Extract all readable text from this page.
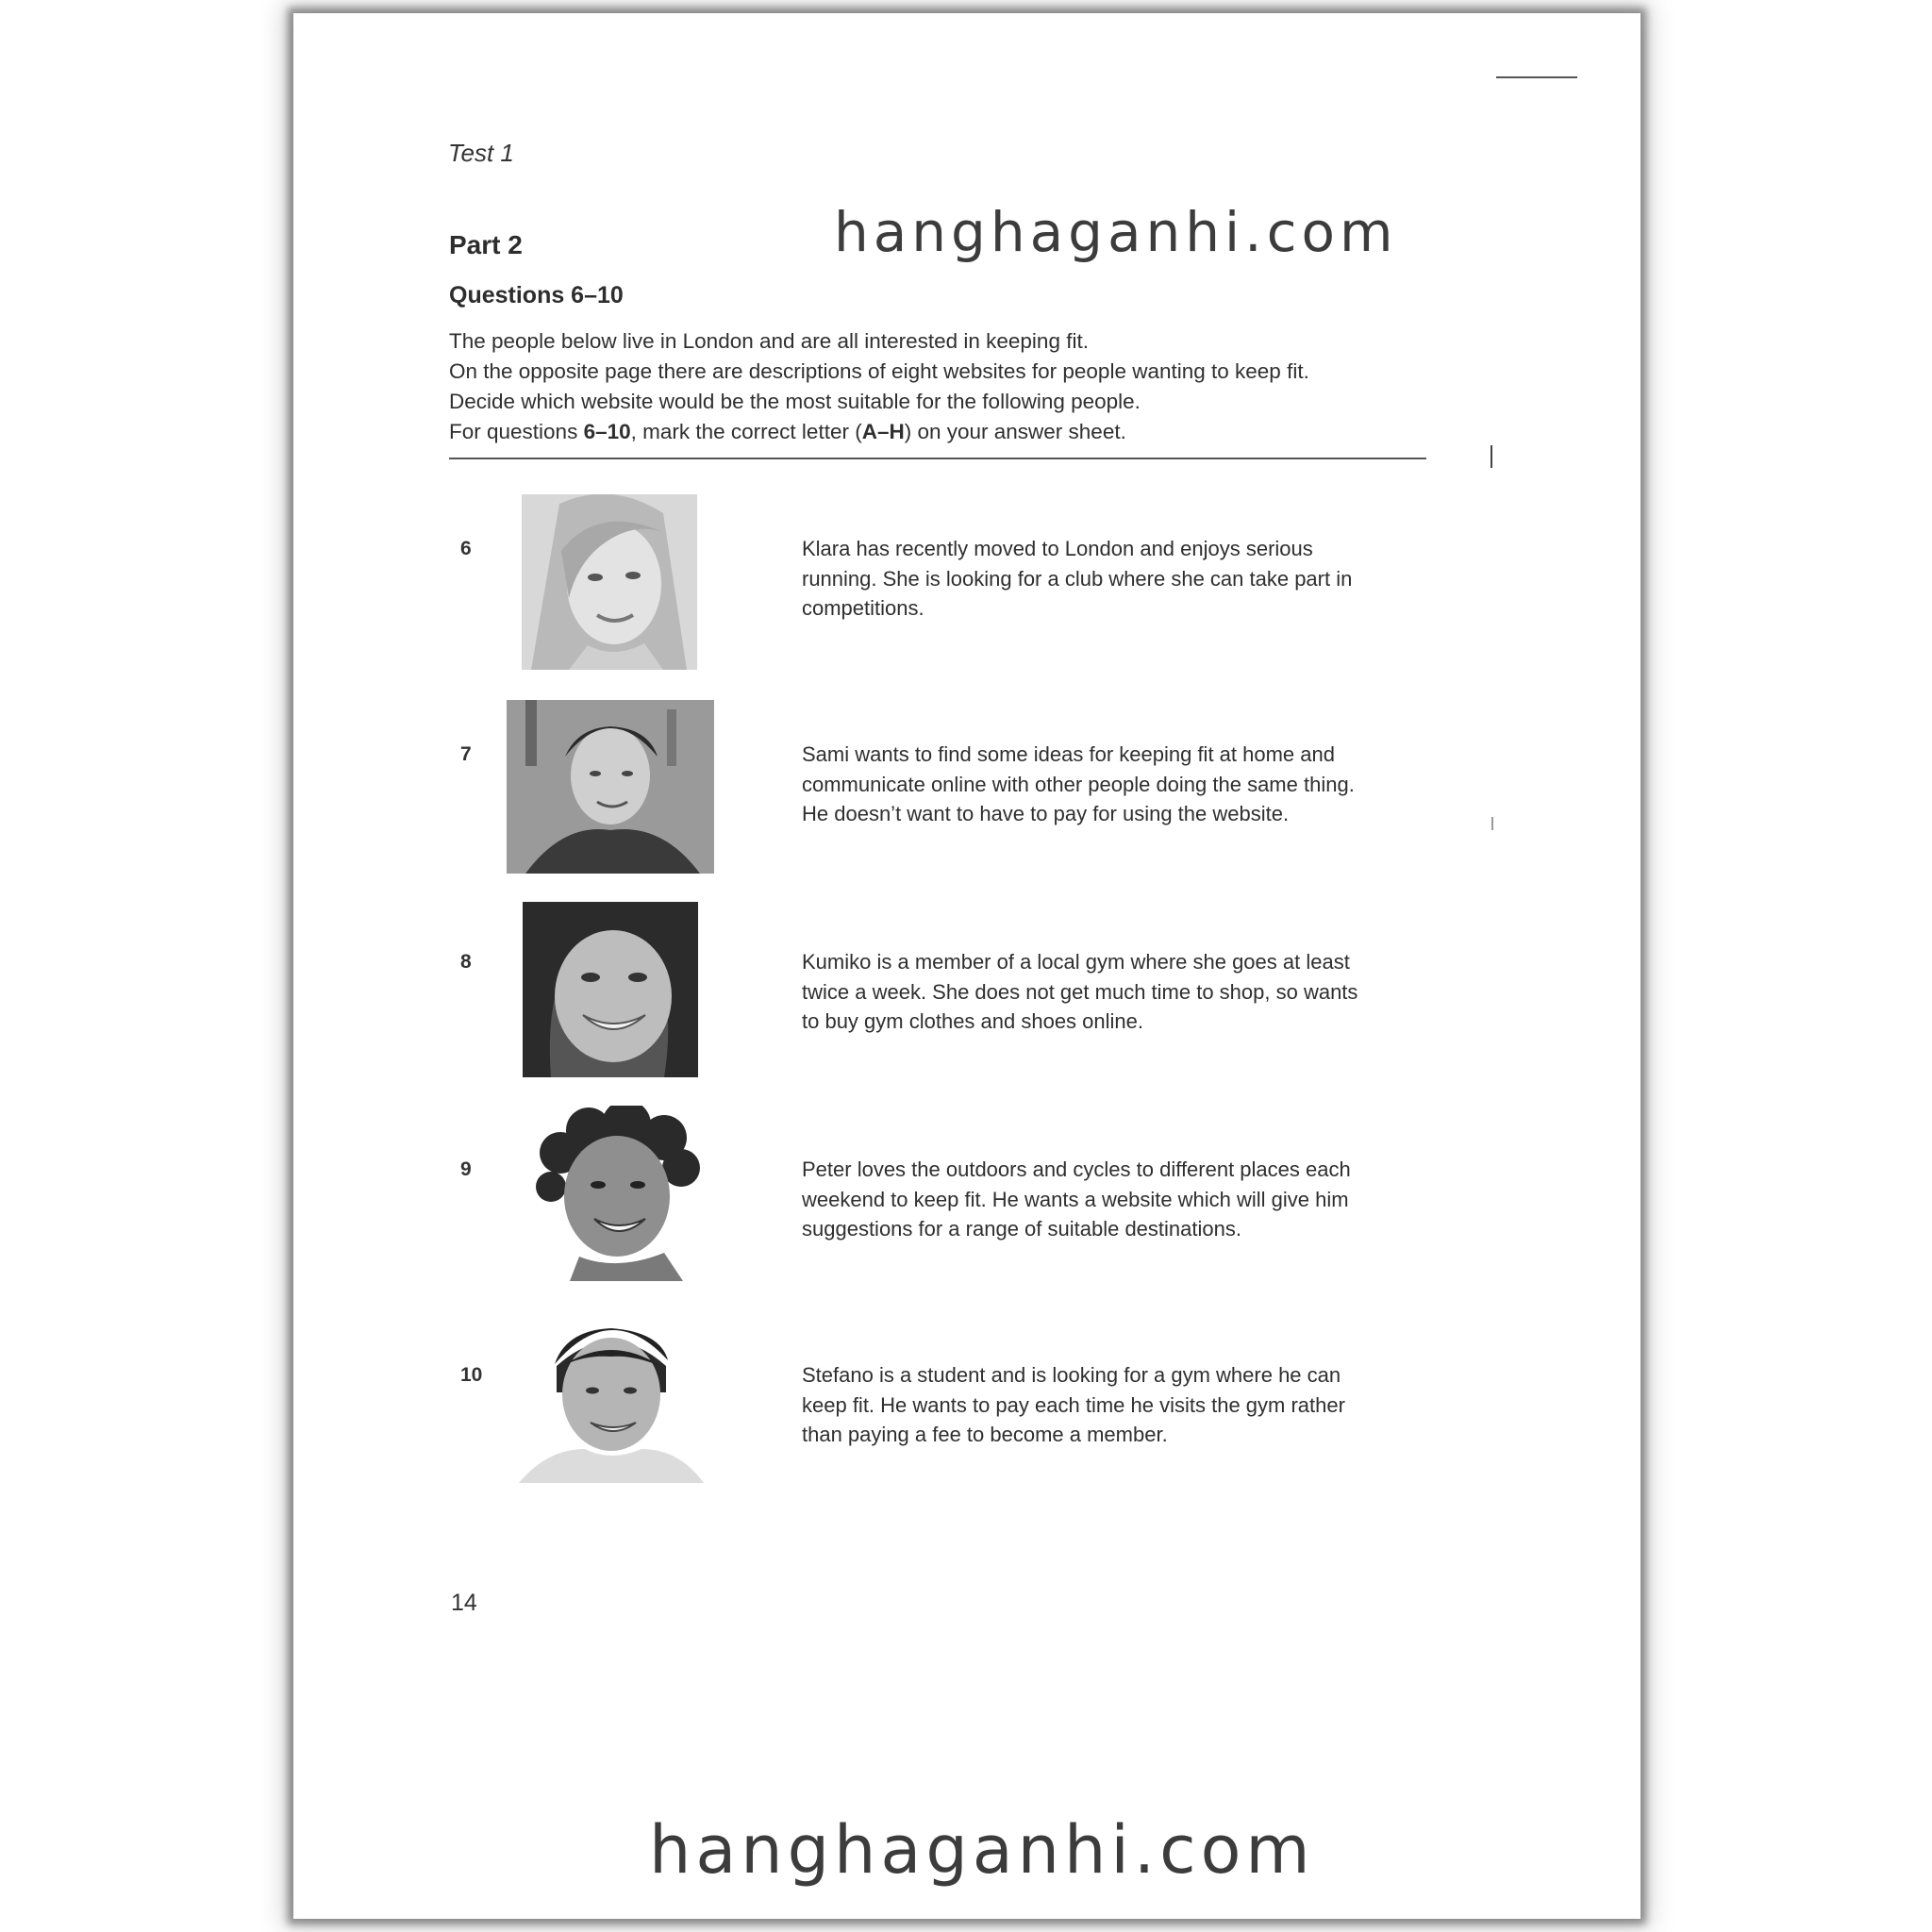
Test 1
Part 2
Questions 6–10
The people below live in London and are all interested in keeping fit.
On the opposite page there are descriptions of eight websites for people wanting to keep fit.
Decide which website would be the most suitable for the following people.
For questions 6–10, mark the correct letter (A–H) on your answer sheet.
hanghaganhi.com
6	Klara has recently moved to London and enjoys serious
running. She is looking for a club where she can take part in
competitions.
7	Sami wants to find some ideas for keeping fit at home and
communicate online with other people doing the same thing.
He doesn’t want to have to pay for using the website.
8	Kumiko is a member of a local gym where she goes at least
twice a week. She does not get much time to shop, so wants
to buy gym clothes and shoes online.
9	Peter loves the outdoors and cycles to different places each
weekend to keep fit. He wants a website which will give him
suggestions for a range of suitable destinations.
10	Stefano is a student and is looking for a gym where he can
keep fit. He wants to pay each time he visits the gym rather
than paying a fee to become a member.
14
hanghaganhi.com
